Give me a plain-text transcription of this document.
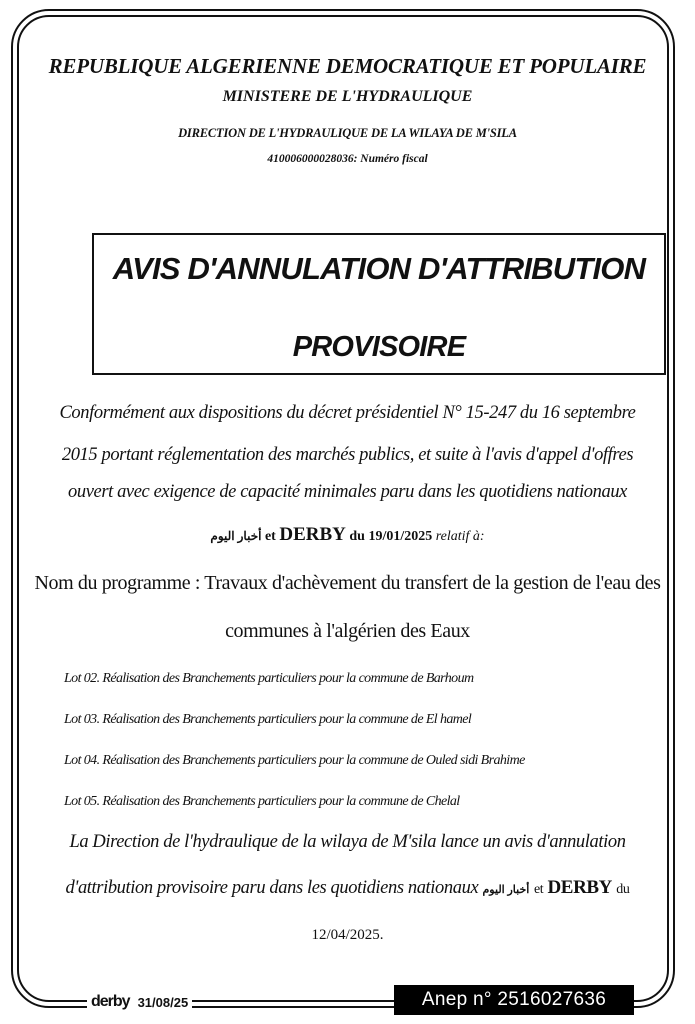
REPUBLIQUE ALGERIENNE DEMOCRATIQUE ET POPULAIRE
MINISTERE DE L'HYDRAULIQUE
DIRECTION DE L'HYDRAULIQUE DE LA WILAYA DE M'SILA
410006000028036: Numéro fiscal
AVIS D'ANNULATION D'ATTRIBUTION
PROVISOIRE
Conformément aux dispositions du décret présidentiel N° 15-247 du 16 septembre
2015 portant réglementation des marchés publics, et suite à l'avis d'appel d'offres
ouvert avec exigence de capacité minimales paru dans les quotidiens nationaux
أخبار اليوم et DERBY du 19/01/2025 relatif à:
Nom du programme : Travaux d'achèvement du transfert de la gestion de l'eau des
communes à l'algérien des Eaux
Lot 02. Réalisation des Branchements particuliers pour la commune de Barhoum
Lot 03. Réalisation des Branchements particuliers pour la commune de El hamel
Lot 04. Réalisation des Branchements particuliers pour la commune de Ouled sidi Brahime
Lot 05. Réalisation des Branchements particuliers pour la commune de Chelal
La Direction de l'hydraulique de la wilaya de M'sila lance un avis d'annulation
d'attribution provisoire paru dans les quotidiens nationaux أخبار اليوم et DERBY du
12/04/2025.
derby 31/08/25	Anep n° 2516027636
